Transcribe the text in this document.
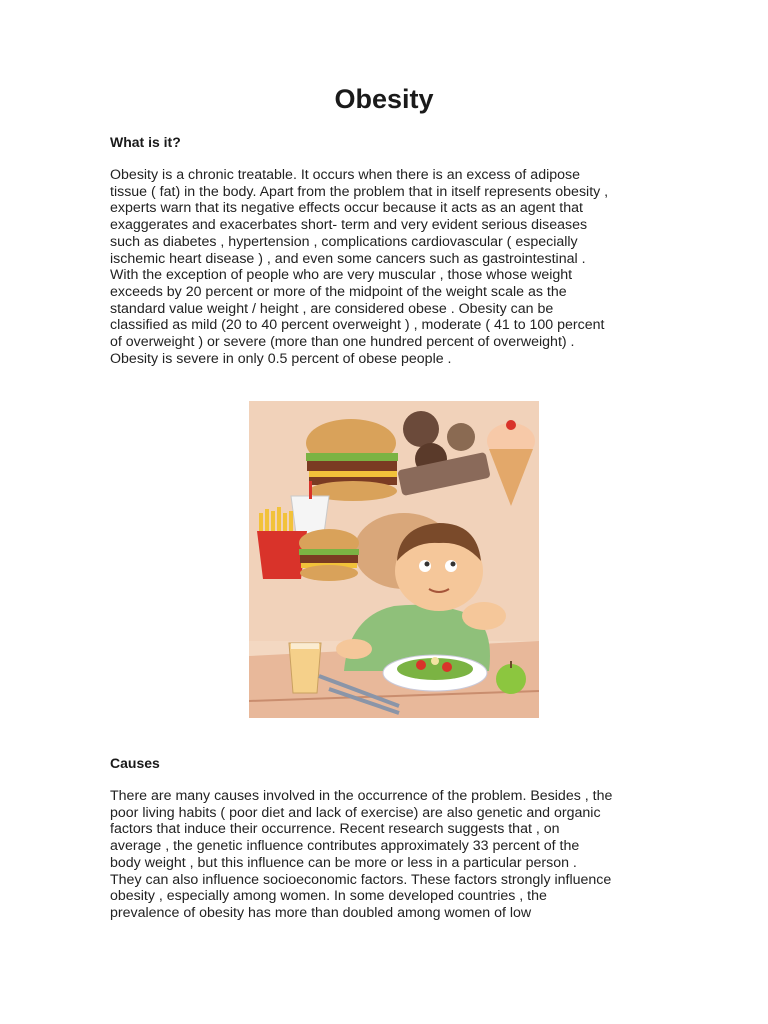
Obesity
What is it?

Obesity is a chronic treatable. It occurs when there is an excess of adipose
tissue ( fat) in the body. Apart from the problem that in itself represents obesity ,
experts warn that its negative effects occur because it acts as an agent that
exaggerates and exacerbates short- term and very evident serious diseases
such as diabetes , hypertension , complications cardiovascular ( especially
ischemic heart disease ) , and even some cancers such as gastrointestinal .
With the exception of people who are very muscular , those whose weight
exceeds by 20 percent or more of the midpoint of the weight scale as the
standard value weight / height , are considered obese . Obesity can be
classified as mild (20 to 40 percent overweight ) , moderate ( 41 to 100 percent
of overweight ) or severe (more than one hundred percent of overweight) .
Obesity is severe in only 0.5 percent of obese people .

Causes

There are many causes involved in the occurrence of the problem. Besides , the
poor living habits ( poor diet and lack of exercise) are also genetic and organic
factors that induce their occurrence. Recent research suggests that , on
average , the genetic influence contributes approximately 33 percent of the
body weight , but this influence can be more or less in a particular person .
They can also influence socioeconomic factors. These factors strongly influence
obesity , especially among women. In some developed countries , the
prevalence of obesity has more than doubled among women of low
